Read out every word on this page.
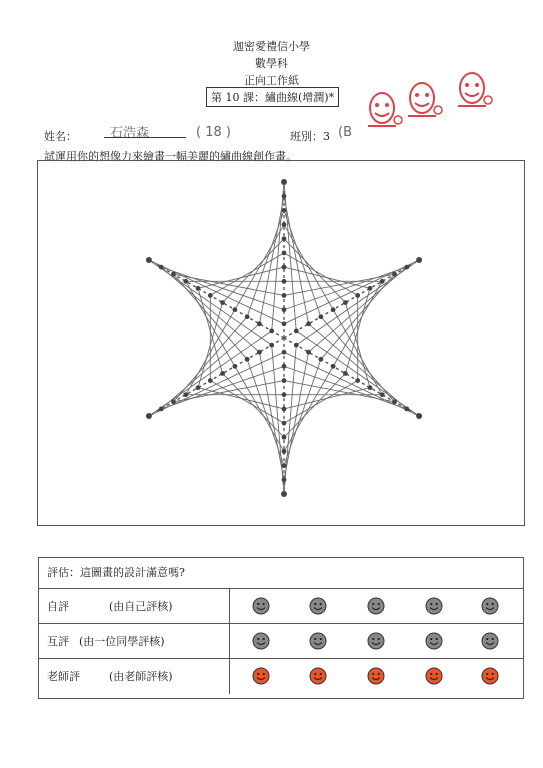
迦密愛禮信小學
數學科
正向工作紙
第 10 課：繡曲線(增潤)*
姓名：	石浩森	( 18 )	班別：3 (B
試運用你的想像力來繪畫一幅美麗的繡曲線創作畫。
評估：這圖畫的設計滿意嗎?
自評	(由自己評核)
互評 (由一位同學評核)
老師評	(由老師評核)
